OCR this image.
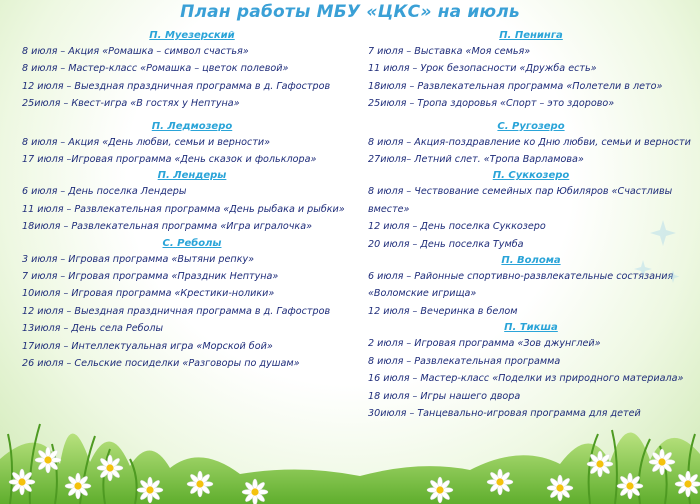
План работы МБУ «ЦКС» на июль
П. Муезерский
8 июля – Акция «Ромашка – символ счастья»
8 июля – Мастер-класс «Ромашка – цветок полевой»
12 июля – Выездная праздничная программа в д. Гафостров
25июля – Квест-игра «В гостях у Нептуна»
П. Ледмозеро
8 июля – Акция «День любви, семьи и верности»
17 июля –Игровая программа «День сказок и фольклора»
П. Лендеры
6 июля – День поселка Лендеры
11 июля – Развлекательная программа «День рыбака и рыбки»
18июля – Развлекательная программа «Игра игралочка»
С. Реболы
3 июля – Игровая программа «Вытяни репку»
7 июля – Игровая программа «Праздник Нептуна»
10июля – Игровая программа «Крестики-нолики»
12 июля – Выездная праздничная программа в д. Гафостров
13июля – День села Реболы
17июля – Интеллектуальная игра «Морской бой»
26 июля – Сельские посиделки «Разговоры по душам»
П. Пенинга
7 июля – Выставка «Моя семья»
11 июля – Урок безопасности «Дружба есть»
18июля – Развлекательная программа «Полетели в лето»
25июля – Тропа здоровья «Спорт – это здорово»
С. Ругозеро
8 июля – Акция-поздравление ко Дню любви, семьи и верности
27июля– Летний слет. «Тропа Варламова»
П. Суккозеро
8 июля – Чествование семейных пар Юбиляров «Счастливы вместе»
12 июля – День поселка Суккозеро
20 июля – День поселка Тумба
П. Волома
6 июля – Районные спортивно-развлекательные состязания «Воломские игрища»
12 июля – Вечеринка в белом
П. Тикша
2 июля – Игровая программа «Зов джунглей»
8 июля – Развлекательная программа
16 июля – Мастер-класс «Поделки из природного материала»
18 июля – Игры нашего двора
30июля – Танцевально-игровая программа для детей
